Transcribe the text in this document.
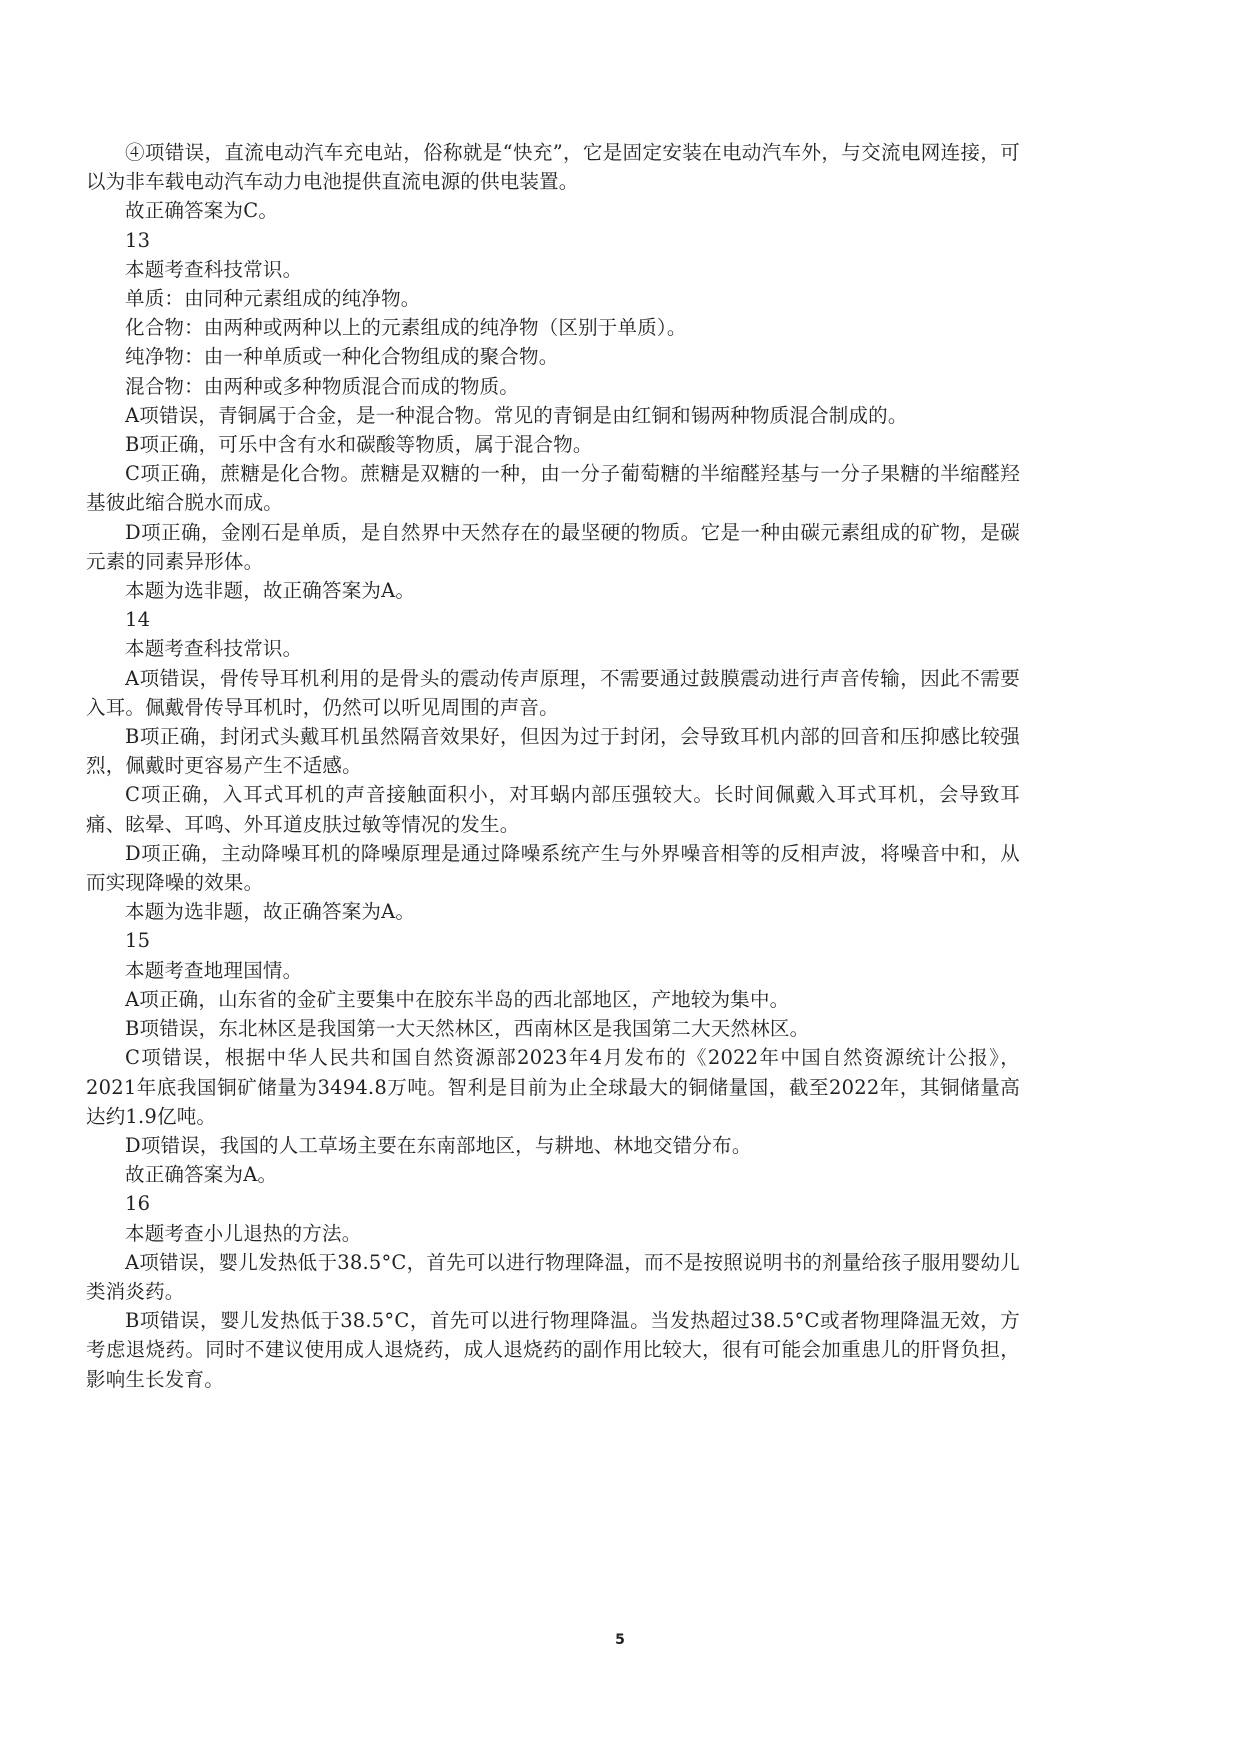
④项错误，直流电动汽车充电站，俗称就是“快充”，它是固定安装在电动汽车外，与交流电网连接，可以为非车载电动汽车动力电池提供直流电源的供电装置。

故正确答案为C。

13

本题考查科技常识。

单质：由同种元素组成的纯净物。

化合物：由两种或两种以上的元素组成的纯净物（区别于单质）。

纯净物：由一种单质或一种化合物组成的聚合物。

混合物：由两种或多种物质混合而成的物质。

A项错误，青铜属于合金，是一种混合物。常见的青铜是由红铜和锡两种物质混合制成的。

B项正确，可乐中含有水和碳酸等物质，属于混合物。

C项正确，蔗糖是化合物。蔗糖是双糖的一种，由一分子葡萄糖的半缩醛羟基与一分子果糖的半缩醛羟基彼此缩合脱水而成。

D项正确，金刚石是单质，是自然界中天然存在的最坚硬的物质。它是一种由碳元素组成的矿物，是碳元素的同素异形体。

本题为选非题，故正确答案为A。

14

本题考查科技常识。

A项错误，骨传导耳机利用的是骨头的震动传声原理，不需要通过鼓膜震动进行声音传输，因此不需要入耳。佩戴骨传导耳机时，仍然可以听见周围的声音。

B项正确，封闭式头戴耳机虽然隔音效果好，但因为过于封闭，会导致耳机内部的回音和压抑感比较强烈，佩戴时更容易产生不适感。

C项正确，入耳式耳机的声音接触面积小，对耳蜗内部压强较大。长时间佩戴入耳式耳机，会导致耳痛、眩晕、耳鸣、外耳道皮肤过敏等情况的发生。

D项正确，主动降噪耳机的降噪原理是通过降噪系统产生与外界噪音相等的反相声波，将噪音中和，从而实现降噪的效果。

本题为选非题，故正确答案为A。

15

本题考查地理国情。

A项正确，山东省的金矿主要集中在胶东半岛的西北部地区，产地较为集中。

B项错误，东北林区是我国第一大天然林区，西南林区是我国第二大天然林区。

C项错误，根据中华人民共和国自然资源部2023年4月发布的《2022年中国自然资源统计公报》，2021年底我国铜矿储量为3494.8万吨。智利是目前为止全球最大的铜储量国，截至2022年，其铜储量高达约1.9亿吨。

D项错误，我国的人工草场主要在东南部地区，与耕地、林地交错分布。

故正确答案为A。

16

本题考查小儿退热的方法。

A项错误，婴儿发热低于38.5°C，首先可以进行物理降温，而不是按照说明书的剂量给孩子服用婴幼儿类消炎药。

B项错误，婴儿发热低于38.5°C，首先可以进行物理降温。当发热超过38.5°C或者物理降温无效，方考虑退烧药。同时不建议使用成人退烧药，成人退烧药的副作用比较大，很有可能会加重患儿的肝肾负担，影响生长发育。

5
